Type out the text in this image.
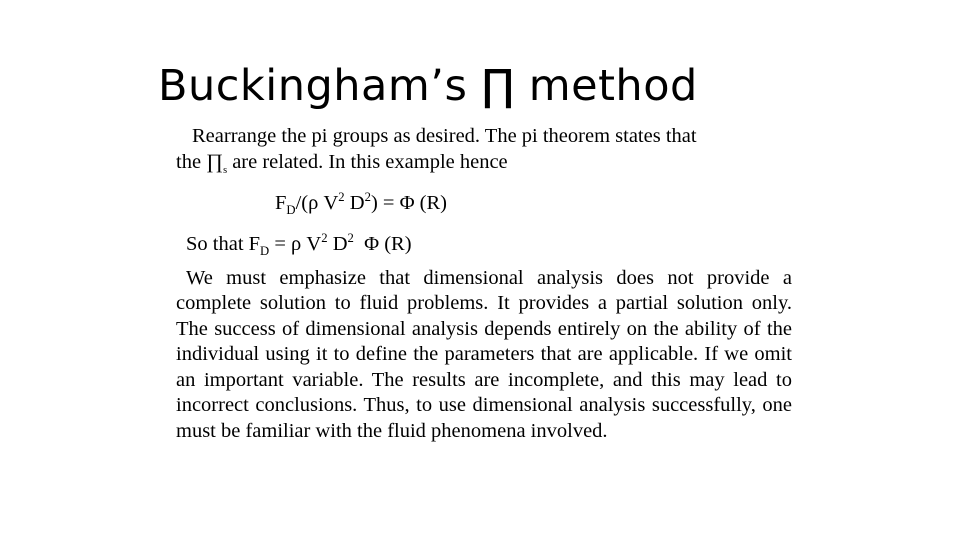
Buckingham’s ∏ method
Rearrange the pi groups as desired. The pi theorem states that
the $\prod_s$ are related. In this example hence
$F_D/(\rho$ $V^2$ $D^2) = \Phi$ (R)
So that $F_D = \rho$ $V^2$ $D^2$  Φ (R)
We must emphasize that dimensional analysis does not provide a complete solution to fluid problems. It provides a partial solution only. The success of dimensional analysis depends entirely on the ability of the individual using it to define the parameters that are applicable. If we omit an important variable. The results are incomplete, and this may lead to incorrect conclusions. Thus, to use dimensional analysis successfully, one must be familiar with the fluid phenomena involved.
